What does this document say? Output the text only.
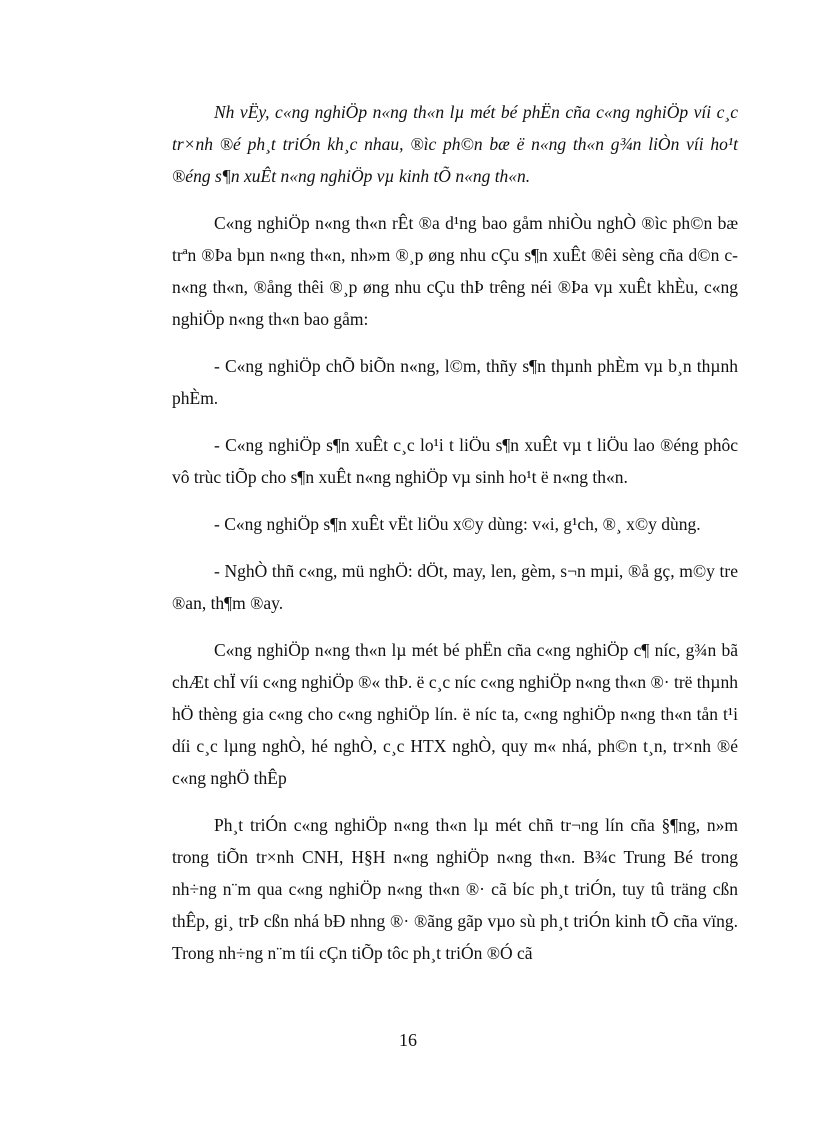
Nh vËy, c«ng nghiÖp n«ng th«n lµ mét bé phËn cña c«ng nghiÖp víi c¸c tr×nh ®é ph¸t triÓn kh¸c nhau, ®ìc ph©n bæ ë n«ng th«n g¾n liÒn víi ho¹t ®éng s¶n xuÊt n«ng nghiÖp vµ kinh tÕ n«ng th«n.

C«ng nghiÖp n«ng th«n rÊt ®a d¹ng bao gåm nhiÒu nghÒ ®ìc ph©n bæ trªn ®Þa bµn n«ng th«n, nh»m ®¸p øng nhu cÇu s¶n xuÊt ®êi sèng cña d©n c n«ng th«n, ®ång thêi ®¸p øng nhu cÇu thÞ trêng néi ®Þa vµ xuÊt khÈu, c«ng nghiÖp n«ng th«n bao gåm:

- C«ng nghiÖp chÕ biÕn n«ng, l©m, thñy s¶n thµnh phÈm vµ b¸n thµnh phÈm.

- C«ng nghiÖp s¶n xuÊt c¸c lo¹i t liÖu s¶n xuÊt vµ t liÖu lao ®éng phôc vô trùc tiÕp cho s¶n xuÊt n«ng nghiÖp vµ sinh ho¹t ë n«ng th«n.

- C«ng nghiÖp s¶n xuÊt vËt liÖu x©y dùng: v«i, g¹ch, ®¸ x©y dùng.

- NghÒ thñ c«ng, mü nghÖ: dÖt, may, len, gèm, s¬n mµi, ®å gç, m©y tre ®an, th¶m ®ay.

C«ng nghiÖp n«ng th«n lµ mét bé phËn cña c«ng nghiÖp c¶ níc, g¾n bã chÆt chÏ víi c«ng nghiÖp ®« thÞ. ë c¸c níc c«ng nghiÖp n«ng th«n ®· trë thµnh hÖ thèng gia c«ng cho c«ng nghiÖp lín. ë níc ta, c«ng nghiÖp n«ng th«n tån t¹i díi c¸c lµng nghÒ, hé nghÒ, c¸c HTX nghÒ, quy m« nhá, ph©n t¸n, tr×nh ®é c«ng nghÖ thÊp

Ph¸t triÓn c«ng nghiÖp n«ng th«n lµ mét chñ tr¬ng lín cña §¶ng, n»m trong tiÕn tr×nh CNH, H§H n«ng nghiÖp n«ng th«n. B¾c Trung Bé trong nh÷ng n¨m qua c«ng nghiÖp n«ng th«n ®· cã bíc ph¸t triÓn, tuy tû träng cßn thÊp, gi¸ trÞ cßn nhá bÐ nhng ®· ®ãng gãp vµo sù ph¸t triÓn kinh tÕ cña vïng. Trong nh÷ng n¨m tíi cÇn tiÕp tôc ph¸t triÓn ®Ó cã

16
